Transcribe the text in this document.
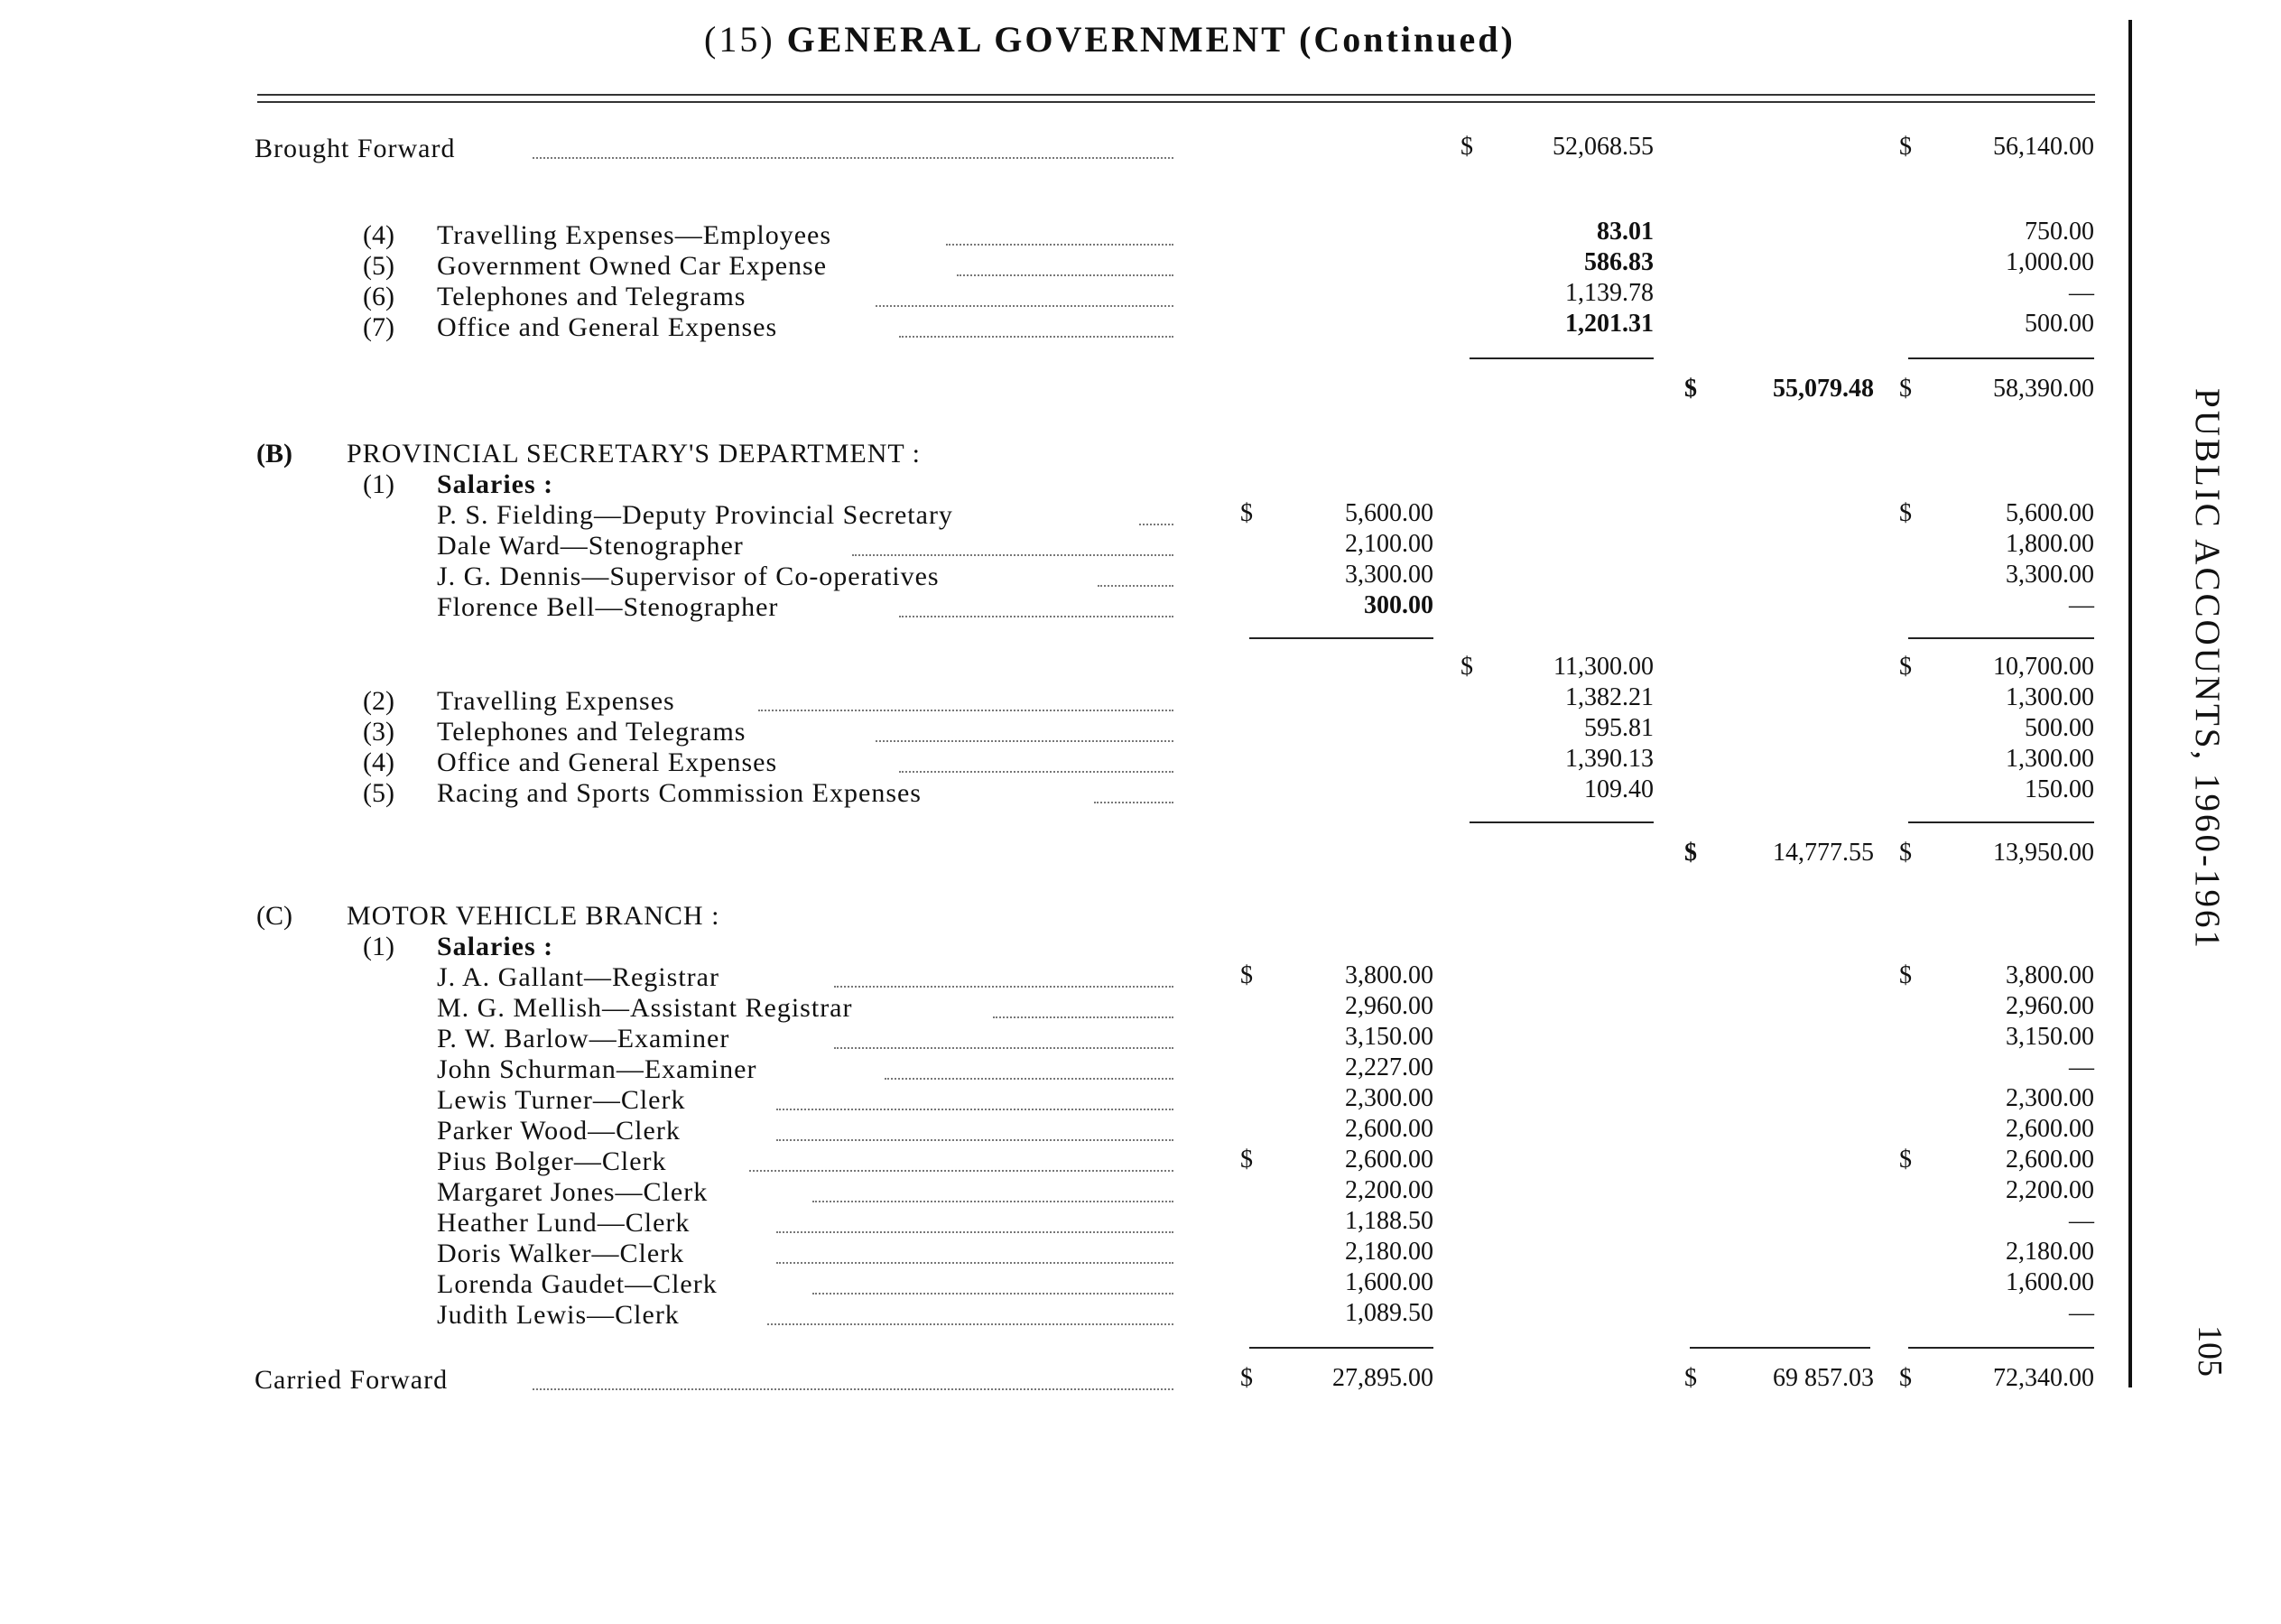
(15) GENERAL GOVERNMENT (Continued)
PUBLIC ACCOUNTS, 1960-1961
105
Brought Forward	$	52,068.55	$	56,140.00
(4) Travelling Expenses—Employees	83.01	750.00
(5) Government Owned Car Expense	586.83	1,000.00
(6) Telephones and Telegrams	1,139.78	—
(7) Office and General Expenses	1,201.31	500.00
$	55,079.48 $	58,390.00
(B) PROVINCIAL SECRETARY'S DEPARTMENT :
(1) Salaries :
P. S. Fielding—Deputy Provincial Secretary	$	5,600.00	$	5,600.00
Dale Ward—Stenographer	2,100.00	1,800.00
J. G. Dennis—Supervisor of Co-operatives	3,300.00	3,300.00
Florence Bell—Stenographer	300.00	—
$	11,300.00	$	10,700.00
(2) Travelling Expenses	1,382.21	1,300.00
(3) Telephones and Telegrams	595.81	500.00
(4) Office and General Expenses	1,390.13	1,300.00
(5) Racing and Sports Commission Expenses	109.40	150.00
$	14,777.55 $	13,950.00
(C) MOTOR VEHICLE BRANCH :
(1) Salaries :
J. A. Gallant—Registrar	$	3,800.00	$	3,800.00
M. G. Mellish—Assistant Registrar	2,960.00	2,960.00
P. W. Barlow—Examiner	3,150.00	3,150.00
John Schurman—Examiner	2,227.00	—
Lewis Turner—Clerk	2,300.00	2,300.00
Parker Wood—Clerk	2,600.00	2,600.00
Pius Bolger—Clerk	$	2,600.00	$	2,600.00
Margaret Jones—Clerk	2,200.00	2,200.00
Heather Lund—Clerk	1,188.50	—
Doris Walker—Clerk	2,180.00	2,180.00
Lorenda Gaudet—Clerk	1,600.00	1,600.00
Judith Lewis—Clerk	1,089.50	—
Carried Forward	$	27,895.00	$	69 857.03 $	72,340.00
